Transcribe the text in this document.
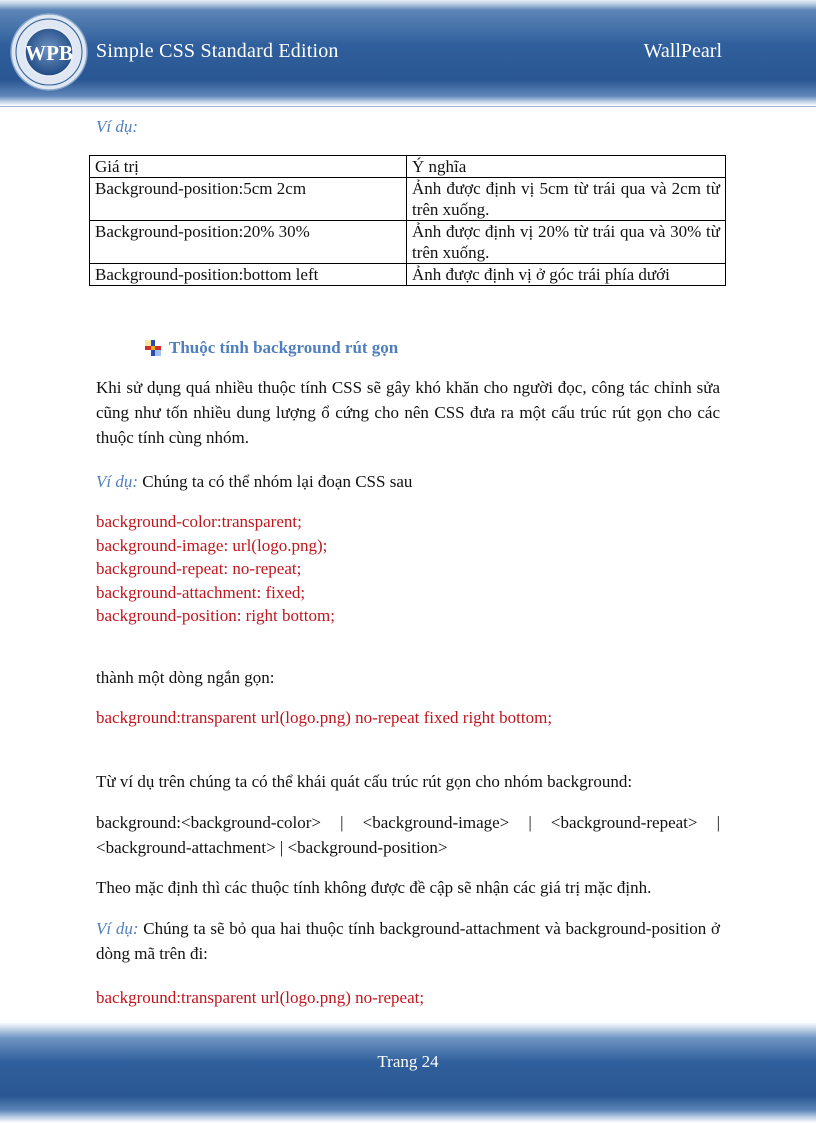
WPB Simple CSS Standard Edition	WallPearl
Ví dụ:
Giá trị	Ý nghĩa
Background-position:5cm 2cm	Ảnh được định vị 5cm từ trái qua và 2cm từ trên xuống.
Background-position:20% 30%	Ảnh được định vị 20% từ trái qua và 30% từ trên xuống.
Background-position:bottom left	Ảnh được định vị ở góc trái phía dưới
Thuộc tính background rút gọn

Khi sử dụng quá nhiều thuộc tính CSS sẽ gây khó khăn cho người đọc, công tác chỉnh sửa cũng như tốn nhiều dung lượng ổ cứng cho nên CSS đưa ra một cấu trúc rút gọn cho các thuộc tính cùng nhóm.

Ví dụ: Chúng ta có thể nhóm lại đoạn CSS sau

background-color:transparent;
background-image: url(logo.png);
background-repeat: no-repeat;
background-attachment: fixed;
background-position: right bottom;

thành một dòng ngắn gọn:

background:transparent url(logo.png) no-repeat fixed right bottom;

Từ ví dụ trên chúng ta có thể khái quát cấu trúc rút gọn cho nhóm background:

background:<background-color> | <background-image> | <background-repeat> | <background-attachment> | <background-position>

Theo mặc định thì các thuộc tính không được đề cập sẽ nhận các giá trị mặc định.

Ví dụ: Chúng ta sẽ bỏ qua hai thuộc tính background-attachment và background-position ở dòng mã trên đi:

background:transparent url(logo.png) no-repeat;

Trang 24
